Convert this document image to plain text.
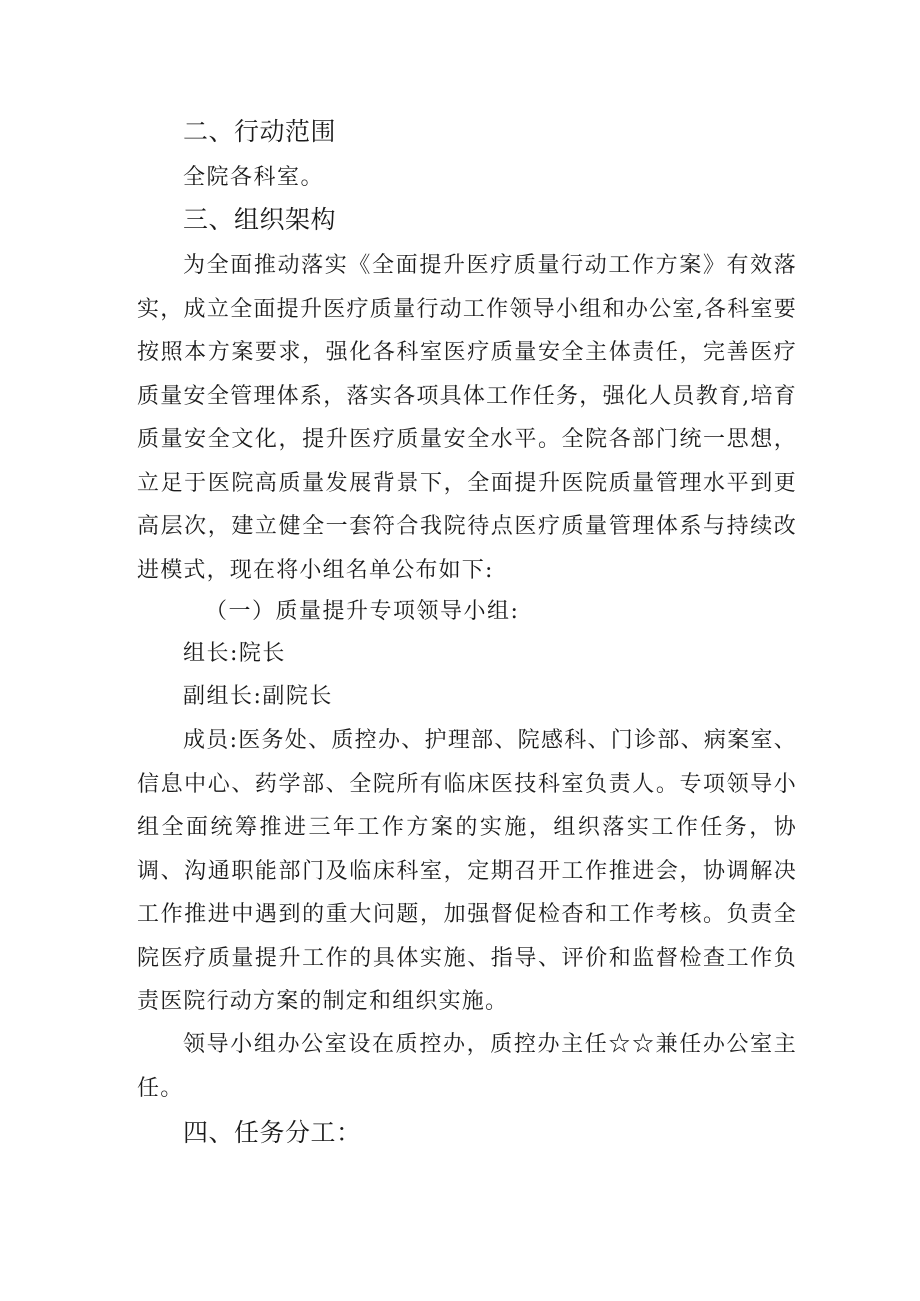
二、行动范围

全院各科室。

三、组织架构

为全面推动落实《全面提升医疗质量行动工作方案》有效落实，成立全面提升医疗质量行动工作领导小组和办公室,各科室要按照本方案要求，强化各科室医疗质量安全主体责任，完善医疗质量安全管理体系，落实各项具体工作任务，强化人员教育,培育质量安全文化，提升医疗质量安全水平。全院各部门统一思想，立足于医院高质量发展背景下，全面提升医院质量管理水平到更高层次，建立健全一套符合我院待点医疗质量管理体系与持续改进模式，现在将小组名单公布如下:

（一）质量提升专项领导小组:

组长:院长

副组长:副院长

成员:医务处、质控办、护理部、院感科、门诊部、病案室、信息中心、药学部、全院所有临床医技科室负责人。专项领导小组全面统筹推进三年工作方案的实施，组织落实工作任务，协调、沟通职能部门及临床科室，定期召开工作推进会，协调解决工作推进中遇到的重大问题，加强督促检杳和工作考核。负责全院医疗质量提升工作的具体实施、指导、评价和监督检查工作负责医院行动方案的制定和组织实施。

领导小组办公室设在质控办，质控办主任☆☆兼任办公室主任。

四、任务分工：
